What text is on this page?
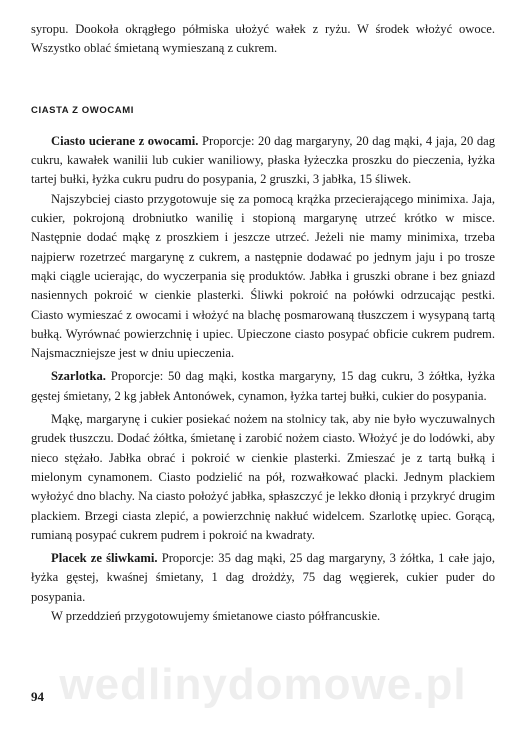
wedlinydomowe.pl

syropu. Dookoła okrągłego półmiska ułożyć wałek z ryżu. W środek włożyć owoce. Wszystko oblać śmietaną wymieszaną z cukrem.

CIASTA Z OWOCAMI

Ciasto ucierane z owocami. Proporcje: 20 dag margaryny, 20 dag mąki, 4 jaja, 20 dag cukru, kawałek wanilii lub cukier waniliowy, płaska łyżeczka proszku do pieczenia, łyżka tartej bułki, łyżka cukru pudru do posypania, 2 gruszki, 3 jabłka, 15 śliwek.

Najszybciej ciasto przygotowuje się za pomocą krążka przecierającego minimixa. Jaja, cukier, pokrojoną drobniutko wanilię i stopioną margarynę utrzeć krótko w misce. Następnie dodać mąkę z proszkiem i jeszcze utrzeć. Jeżeli nie mamy minimixa, trzeba najpierw rozetrzeć margarynę z cukrem, a następnie dodawać po jednym jaju i po trosze mąki ciągle ucierając, do wyczerpania się produktów. Jabłka i gruszki obrane i bez gniazd nasiennych pokroić w cienkie plasterki. Śliwki pokroić na połówki odrzucając pestki. Ciasto wymieszać z owocami i włożyć na blachę posmarowaną tłuszczem i wysypaną tartą bułką. Wyrównać powierzchnię i upiec. Upieczone ciasto posypać obficie cukrem pudrem. Najsmaczniejsze jest w dniu upieczenia.

Szarlotka. Proporcje: 50 dag mąki, kostka margaryny, 15 dag cukru, 3 żółtka, łyżka gęstej śmietany, 2 kg jabłek Antonówek, cynamon, łyżka tartej bułki, cukier do posypania.

Mąkę, margarynę i cukier posiekać nożem na stolnicy tak, aby nie było wyczuwalnych grudek tłuszczu. Dodać żółtka, śmietanę i zarobić nożem ciasto. Włożyć je do lodówki, aby nieco stężało. Jabłka obrać i pokroić w cienkie plasterki. Zmieszać je z tartą bułką i mielonym cynamonem. Ciasto podzielić na pół, rozwałkować placki. Jednym plackiem wyłożyć dno blachy. Na ciasto położyć jabłka, spłaszczyć je lekko dłonią i przykryć drugim plackiem. Brzegi ciasta zlepić, a powierzchnię nakłuć widelcem. Szarlotkę upiec. Gorącą, rumianą posypać cukrem pudrem i pokroić na kwadraty.

Placek ze śliwkami. Proporcje: 35 dag mąki, 25 dag margaryny, 3 żółtka, 1 całe jajo, łyżka gęstej, kwaśnej śmietany, 1 dag drożdży, 75 dag węgierek, cukier puder do posypania.

W przeddzień przygotowujemy śmietanowe ciasto półfrancuskie.

94
